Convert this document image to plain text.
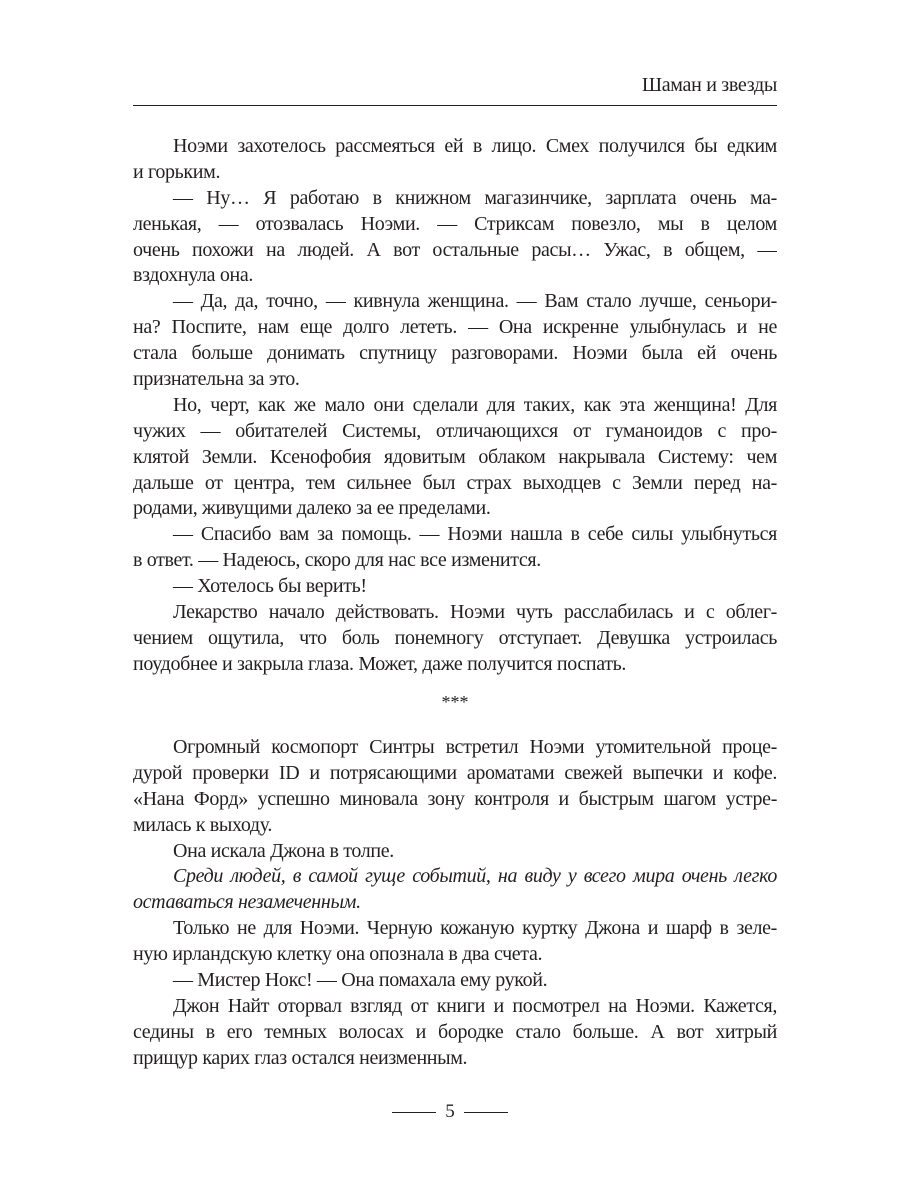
Шаман и звезды
Ноэми захотелось рассмеяться ей в лицо. Смех получился бы едким
и горьким.
— Ну… Я работаю в книжном магазинчике, зарплата очень ма-
ленькая, — отозвалась Ноэми. — Стриксам повезло, мы в целом
очень похожи на людей. А вот остальные расы… Ужас, в общем, —
вздохнула она.
— Да, да, точно, — кивнула женщина. — Вам стало лучше, сеньори-
на? Поспите, нам еще долго лететь. — Она искренне улыбнулась и не
стала больше донимать спутницу разговорами. Ноэми была ей очень
признательна за это.
Но, черт, как же мало они сделали для таких, как эта женщина! Для
чужих — обитателей Системы, отличающихся от гуманоидов с про-
клятой Земли. Ксенофобия ядовитым облаком накрывала Систему: чем
дальше от центра, тем сильнее был страх выходцев с Земли перед на-
родами, живущими далеко за ее пределами.
— Спасибо вам за помощь. — Ноэми нашла в себе силы улыбнуться
в ответ. — Надеюсь, скоро для нас все изменится.
— Хотелось бы верить!
Лекарство начало действовать. Ноэми чуть расслабилась и с облег-
чением ощутила, что боль понемногу отступает. Девушка устроилась
поудобнее и закрыла глаза. Может, даже получится поспать.
***
Огромный космопорт Синтры встретил Ноэми утомительной проце-
дурой проверки ID и потрясающими ароматами свежей выпечки и кофе.
«Нана Форд» успешно миновала зону контроля и быстрым шагом устре-
милась к выходу.
Она искала Джона в толпе.
Среди людей, в самой гуще событий, на виду у всего мира очень легко
оставаться незамеченным.
Только не для Ноэми. Черную кожаную куртку Джона и шарф в зеле-
ную ирландскую клетку она опознала в два счета.
— Мистер Нокс! — Она помахала ему рукой.
Джон Найт оторвал взгляд от книги и посмотрел на Ноэми. Кажется,
седины в его темных волосах и бородке стало больше. А вот хитрый
прищур карих глаз остался неизменным.
5
